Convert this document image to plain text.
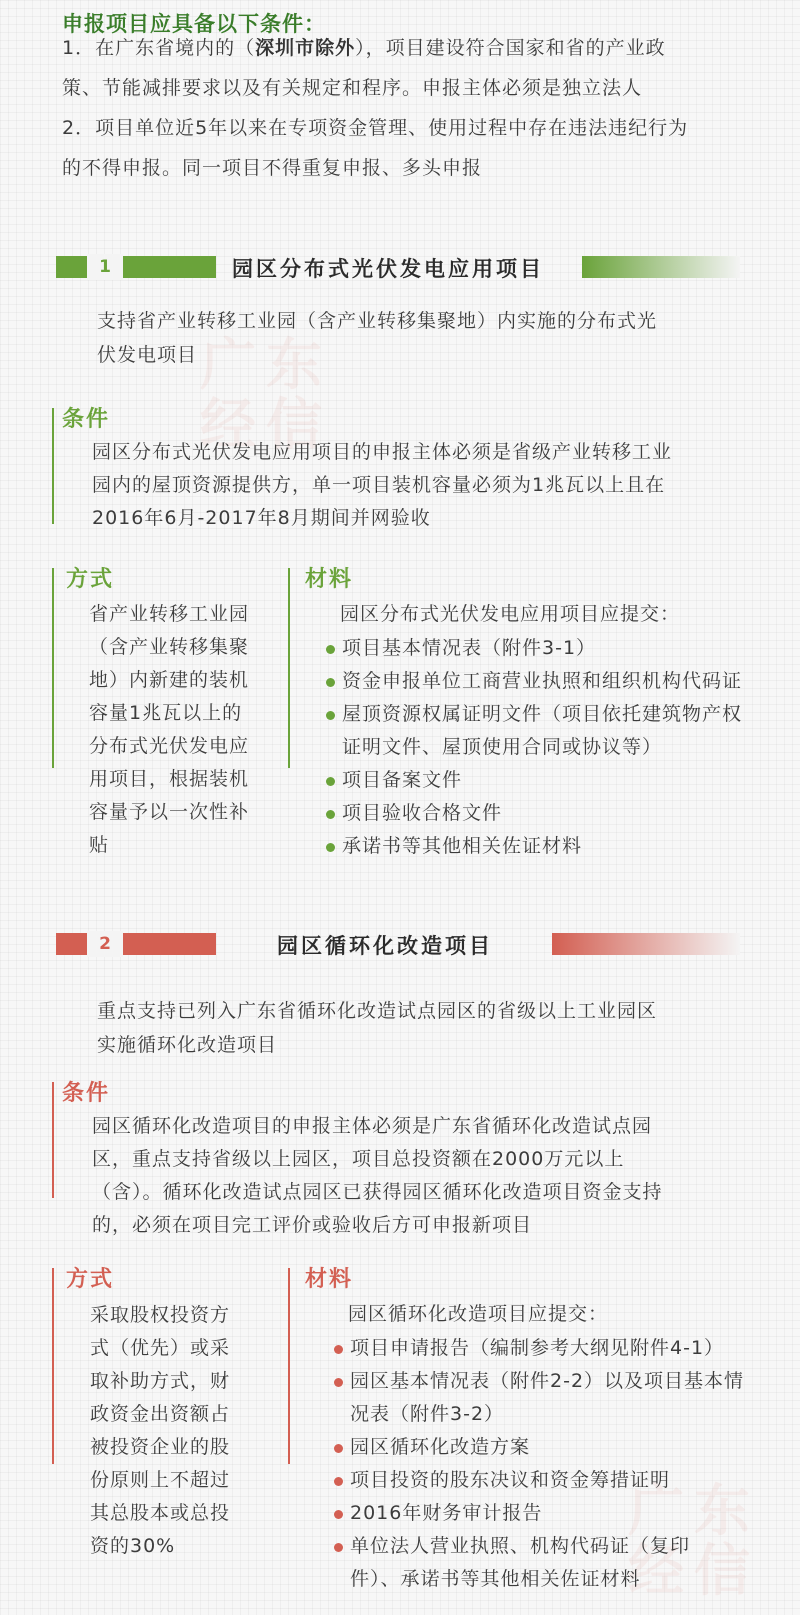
申报项目应具备以下条件：
1．在广东省境内的（深圳市除外），项目建设符合国家和省的产业政
策、节能减排要求以及有关规定和程序。申报主体必须是独立法人
2．项目单位近5年以来在专项资金管理、使用过程中存在违法违纪行为
的不得申报。同一项目不得重复申报、多头申报
广东
经信
广东
经信
1	园区分布式光伏发电应用项目
支持省产业转移工业园（含产业转移集聚地）内实施的分布式光
伏发电项目
条件
园区分布式光伏发电应用项目的申报主体必须是省级产业转移工业
园内的屋顶资源提供方，单一项目装机容量必须为1兆瓦以上且在
2016年6月-2017年8月期间并网验收
方式
省产业转移工业园
（含产业转移集聚
地）内新建的装机
容量1兆瓦以上的
分布式光伏发电应
用项目，根据装机
容量予以一次性补
贴
材料
园区分布式光伏发电应用项目应提交：
项目基本情况表（附件3-1）
资金申报单位工商营业执照和组织机构代码证
屋顶资源权属证明文件（项目依托建筑物产权
证明文件、屋顶使用合同或协议等）
项目备案文件
项目验收合格文件
承诺书等其他相关佐证材料
2	园区循环化改造项目
重点支持已列入广东省循环化改造试点园区的省级以上工业园区
实施循环化改造项目
条件
园区循环化改造项目的申报主体必须是广东省循环化改造试点园
区，重点支持省级以上园区，项目总投资额在2000万元以上
（含）。循环化改造试点园区已获得园区循环化改造项目资金支持
的，必须在项目完工评价或验收后方可申报新项目
方式
采取股权投资方
式（优先）或采
取补助方式，财
政资金出资额占
被投资企业的股
份原则上不超过
其总股本或总投
资的30%
材料
园区循环化改造项目应提交：
项目申请报告（编制参考大纲见附件4-1）
园区基本情况表（附件2-2）以及项目基本情
况表（附件3-2）
园区循环化改造方案
项目投资的股东决议和资金筹措证明
2016年财务审计报告
单位法人营业执照、机构代码证（复印
件）、承诺书等其他相关佐证材料
